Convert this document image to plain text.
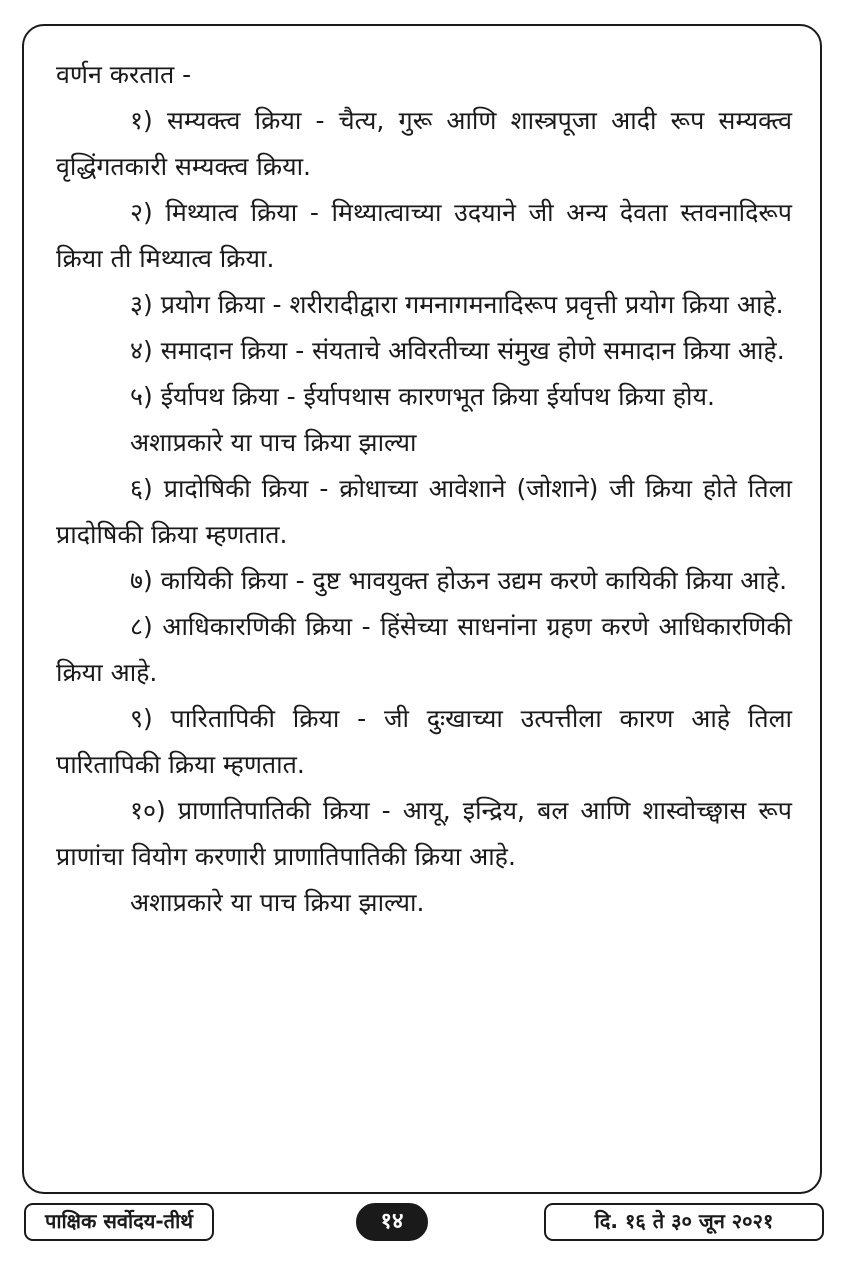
वर्णन करतात -

१) सम्यक्त्व क्रिया - चैत्य, गुरू आणि शास्त्रपूजा आदी रूप सम्यक्त्व वृद्धिंगतकारी सम्यक्त्व क्रिया.

२) मिथ्यात्व क्रिया - मिथ्यात्वाच्या उदयाने जी अन्य देवता स्तवनादिरूप क्रिया ती मिथ्यात्व क्रिया.

३) प्रयोग क्रिया - शरीरादीद्वारा गमनागमनादिरूप प्रवृत्ती प्रयोग क्रिया आहे.

४) समादान क्रिया - संयताचे अविरतीच्या संमुख होणे समादान क्रिया आहे.

५) ईर्यापथ क्रिया - ईर्यापथास कारणभूत क्रिया ईर्यापथ क्रिया होय.

अशाप्रकारे या पाच क्रिया झाल्या

६) प्रादोषिकी क्रिया - क्रोधाच्या आवेशाने (जोशाने) जी क्रिया होते तिला प्रादोषिकी क्रिया म्हणतात.

७) कायिकी क्रिया - दुष्ट भावयुक्त होऊन उद्यम करणे कायिकी क्रिया आहे.

८) आधिकारणिकी क्रिया - हिंसेच्या साधनांना ग्रहण करणे आधिकारणिकी क्रिया आहे.

९) पारितापिकी क्रिया - जी दुःखाच्या उत्पत्तीला कारण आहे तिला पारितापिकी क्रिया म्हणतात.

१०) प्राणातिपातिकी क्रिया - आयू, इन्द्रिय, बल आणि शास्वोच्छ्वास रूप प्राणांचा वियोग करणारी प्राणातिपातिकी क्रिया आहे.

अशाप्रकारे या पाच क्रिया झाल्या.

पाक्षिक सर्वोदय-तीर्थ	१४	दि. १६ ते ३० जून २०२१
